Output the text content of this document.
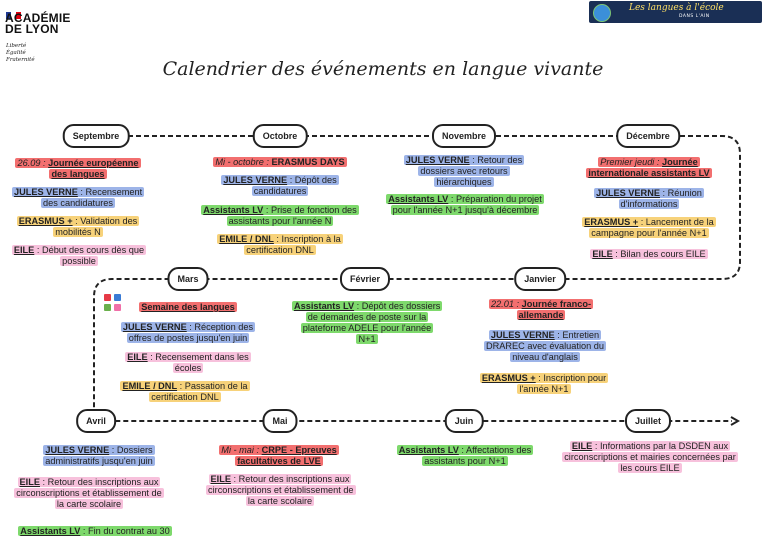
ACADÉMIE
DE LYON
Liberté
Égalité
Fraternité
Les langues à l'école
DANS L'AIN
Calendrier des événements en langue vivante
Septembre	Octobre	Novembre	Décembre
Mars	Février	Janvier
Avril	Mai	Juin	Juillet
26.09 : Journée européenne des langues
JULES VERNE : Recensement des candidatures
ERASMUS + : Validation des mobilités N
EILE : Début des cours dès que possible
Mi - octobre : ERASMUS DAYS
JULES VERNE : Dépôt des candidatures
Assistants LV : Prise de fonction des assistants pour l'année N
EMILE / DNL : Inscription à la certification DNL
JULES VERNE : Retour des dossiers avec retours hiérarchiques
Assistants LV : Préparation du projet pour l'année N+1 jusqu'à décembre
Premier jeudi : Journée internationale assistants LV
JULES VERNE : Réunion d'informations
ERASMUS + : Lancement de la campagne pour l'année N+1
EILE : Bilan des cours EILE
Semaine des langues
JULES VERNE : Réception des offres de postes jusqu'en juin
EILE : Recensement dans les écoles
EMILE / DNL : Passation de la certification DNL
Assistants LV : Dépôt des dossiers de demandes de poste sur la plateforme ADELE pour l'année N+1
22.01 : Journée franco-allemande
JULES VERNE : Entretien DRAREC avec évaluation du niveau d'anglais
ERASMUS + : Inscription pour l'année N+1
JULES VERNE : Dossiers administratifs jusqu'en juin
EILE : Retour des inscriptions aux circonscriptions et établissement de la carte scolaire
Assistants LV : Fin du contrat au 30
Mi - mai : CRPE - Epreuves facultatives de LVE
EILE : Retour des inscriptions aux circonscriptions et établissement de la carte scolaire
Assistants LV : Affectations des assistants pour N+1
EILE : Informations par la DSDEN aux circonscriptions et mairies concernées par les cours EILE
